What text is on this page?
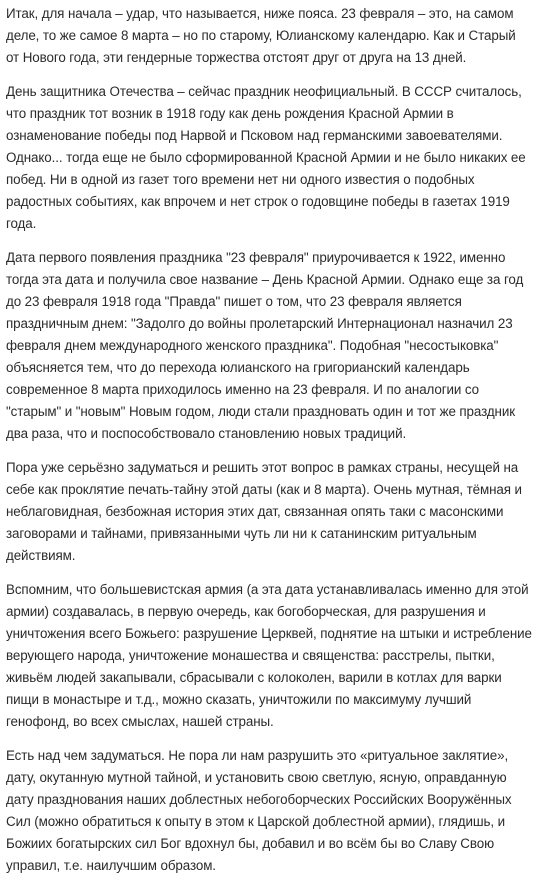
Итак, для начала – удар, что называется, ниже пояса. 23 февраля – это, на самом деле, то же самое 8 марта – но по старому, Юлианскому календарю. Как и Старый от Нового года, эти гендерные торжества отстоят друг от друга на 13 дней.

День защитника Отечества – сейчас праздник неофициальный. В СССР считалось, что праздник тот возник в 1918 году как день рождения Красной Армии в ознаменование победы под Нарвой и Псковом над германскими завоевателями. Однако... тогда еще не было сформированной Красной Армии и не было никаких ее побед. Ни в одной из газет того времени нет ни одного известия о подобных радостных событиях, как впрочем и нет строк о годовщине победы в газетах 1919 года.

Дата первого появления праздника "23 февраля" приурочивается к 1922, именно тогда эта дата и получила свое название – День Красной Армии. Однако еще за год до 23 февраля 1918 года "Правда" пишет о том, что 23 февраля является праздничным днем: "Задолго до войны пролетарский Интернационал назначил 23 февраля днем международного женского праздника". Подобная "несостыковка" объясняется тем, что до перехода юлианского на григорианский календарь современное 8 марта приходилось именно на 23 февраля. И по аналогии со "старым" и "новым" Новым годом, люди стали праздновать один и тот же праздник два раза, что и поспособствовало становлению новых традиций.

Пора уже серьёзно задуматься и решить этот вопрос в рамках страны, несущей на себе как проклятие печать-тайну этой даты (как и 8 марта). Очень мутная, тёмная и неблаговидная, безбожная история этих дат, связанная опять таки с масонскими заговорами и тайнами, привязанными чуть ли ни к сатанинским ритуальным действиям.

Вспомним, что большевистская армия (а эта дата устанавливалась именно для этой армии) создавалась, в первую очередь, как богоборческая, для разрушения и уничтожения всего Божьего: разрушение Церквей, поднятие на штыки и истребление верующего народа, уничтожение монашества и священства: расстрелы, пытки, живьём людей закапывали, сбрасывали с колоколен, варили в котлах для варки пищи в монастыре и т.д., можно сказать, уничтожили по максимуму лучший генофонд, во всех смыслах, нашей страны.

Есть над чем задуматься. Не пора ли нам разрушить это «ритуальное заклятие», дату, окутанную мутной тайной, и установить свою светлую, ясную, оправданную дату празднования наших доблестных небогоборческих Российских Вооружённых Сил (можно обратиться к опыту в этом к Царской доблестной армии), глядишь, и Божиих богатырских сил Бог вдохнул бы, добавил и во всём бы во Славу Свою управил, т.е. наилучшим образом.
